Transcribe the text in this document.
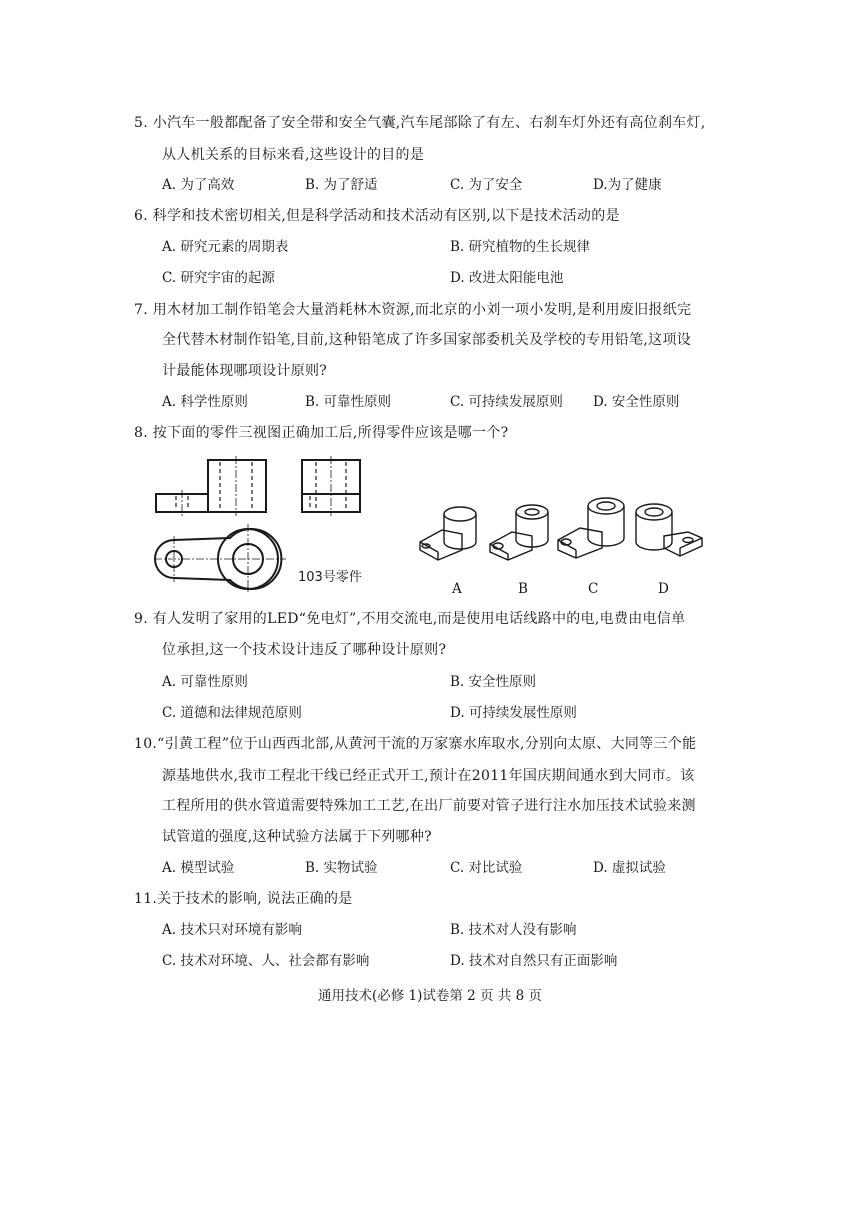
5. 小汽车一般都配备了安全带和安全气囊,汽车尾部除了有左、右刹车灯外还有高位刹车灯,
从人机关系的目标来看,这些设计的目的是
A. 为了高效	B. 为了舒适	C. 为了安全	D.为了健康
6. 科学和技术密切相关,但是科学活动和技术活动有区别,以下是技术活动的是
A. 研究元素的周期表	B. 研究植物的生长规律
C. 研究宇宙的起源	D. 改进太阳能电池
7. 用木材加工制作铅笔会大量消耗林木资源,而北京的小刘一项小发明,是利用废旧报纸完
全代替木材制作铅笔,目前,这种铅笔成了许多国家部委机关及学校的专用铅笔,这项设
计最能体现哪项设计原则?
A. 科学性原则	B. 可靠性原则	C. 可持续发展原则 D. 安全性原则
8. 按下面的零件三视图正确加工后,所得零件应该是哪一个?
103号零件
A	B	C	D
9. 有人发明了家用的LED“免电灯”,不用交流电,而是使用电话线路中的电,电费由电信单
位承担,这一个技术设计违反了哪种设计原则?
A. 可靠性原则	B. 安全性原则
C. 道德和法律规范原则	D. 可持续发展性原则
10.“引黄工程”位于山西西北部,从黄河干流的万家寨水库取水,分别向太原、大同等三个能
源基地供水,我市工程北干线已经正式开工,预计在2011年国庆期间通水到大同市。该
工程所用的供水管道需要特殊加工工艺,在出厂前要对管子进行注水加压技术试验来测
试管道的强度,这种试验方法属于下列哪种?
A. 模型试验	B. 实物试验	C. 对比试验	D. 虚拟试验
11.关于技术的影响, 说法正确的是
A. 技术只对环境有影响	B. 技术对人没有影响
C. 技术对环境、人、社会都有影响	D. 技术对自然只有正面影响
通用技术(必修 1)试卷第 2 页 共 8 页
